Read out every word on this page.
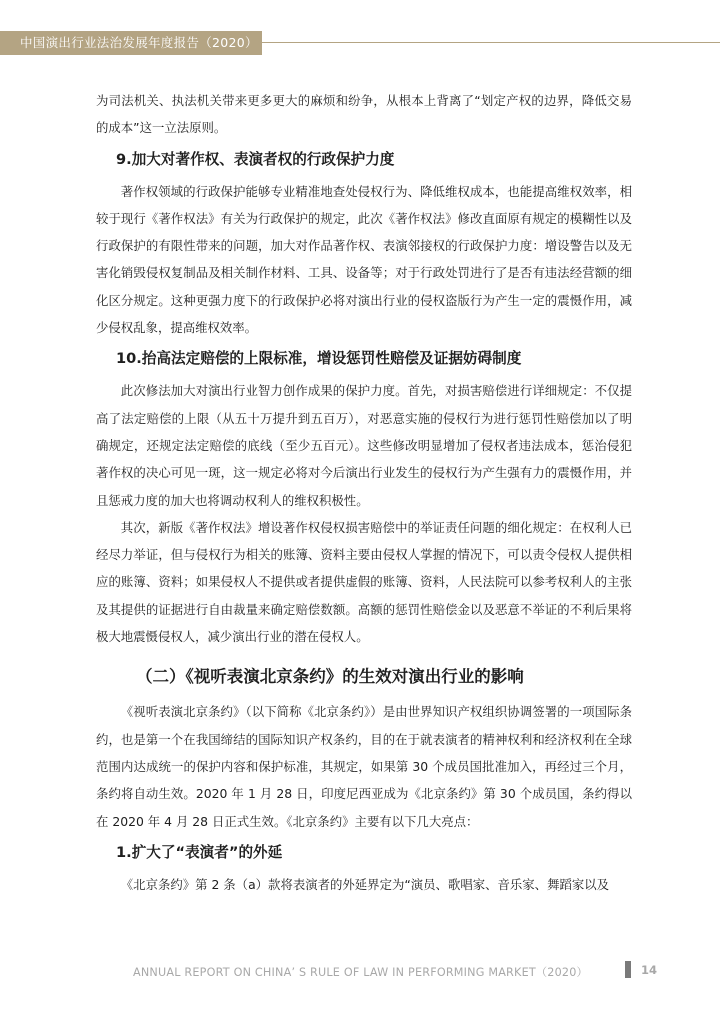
中国演出行业法治发展年度报告（2020）

为司法机关、执法机关带来更多更大的麻烦和纷争，从根本上背离了“划定产权的边界，降低交易的成本”这一立法原则。

9.加大对著作权、表演者权的行政保护力度

著作权领域的行政保护能够专业精准地查处侵权行为、降低维权成本，也能提高维权效率，相较于现行《著作权法》有关为行政保护的规定，此次《著作权法》修改直面原有规定的模糊性以及行政保护的有限性带来的问题，加大对作品著作权、表演邻接权的行政保护力度：增设警告以及无害化销毁侵权复制品及相关制作材料、工具、设备等；对于行政处罚进行了是否有违法经营额的细化区分规定。这种更强力度下的行政保护必将对演出行业的侵权盗版行为产生一定的震慑作用，减少侵权乱象，提高维权效率。

10.抬高法定赔偿的上限标准，增设惩罚性赔偿及证据妨碍制度

此次修法加大对演出行业智力创作成果的保护力度。首先，对损害赔偿进行详细规定：不仅提高了法定赔偿的上限（从五十万提升到五百万），对恶意实施的侵权行为进行惩罚性赔偿加以了明确规定，还规定法定赔偿的底线（至少五百元）。这些修改明显增加了侵权者违法成本，惩治侵犯著作权的决心可见一斑，这一规定必将对今后演出行业发生的侵权行为产生强有力的震慑作用，并且惩戒力度的加大也将调动权利人的维权积极性。

其次，新版《著作权法》增设著作权侵权损害赔偿中的举证责任问题的细化规定：在权利人已经尽力举证，但与侵权行为相关的账簿、资料主要由侵权人掌握的情况下，可以责令侵权人提供相应的账簿、资料；如果侵权人不提供或者提供虚假的账簿、资料，人民法院可以参考权利人的主张及其提供的证据进行自由裁量来确定赔偿数额。高额的惩罚性赔偿金以及恶意不举证的不利后果将极大地震慑侵权人，减少演出行业的潜在侵权人。

（二）《视听表演北京条约》的生效对演出行业的影响

《视听表演北京条约》（以下简称《北京条约》）是由世界知识产权组织协调签署的一项国际条约，也是第一个在我国缔结的国际知识产权条约，目的在于就表演者的精神权利和经济权利在全球范围内达成统一的保护内容和保护标准，其规定，如果第 30 个成员国批准加入，再经过三个月，条约将自动生效。2020 年 1 月 28 日，印度尼西亚成为《北京条约》第 30 个成员国，条约得以在 2020 年 4 月 28 日正式生效。《北京条约》主要有以下几大亮点：

1.扩大了“表演者”的外延

《北京条约》第 2 条（a）款将表演者的外延界定为“演员、歌唱家、音乐家、舞蹈家以及

ANNUAL REPORT ON CHINA’ S RULE OF LAW IN PERFORMING MARKET（2020）	14
